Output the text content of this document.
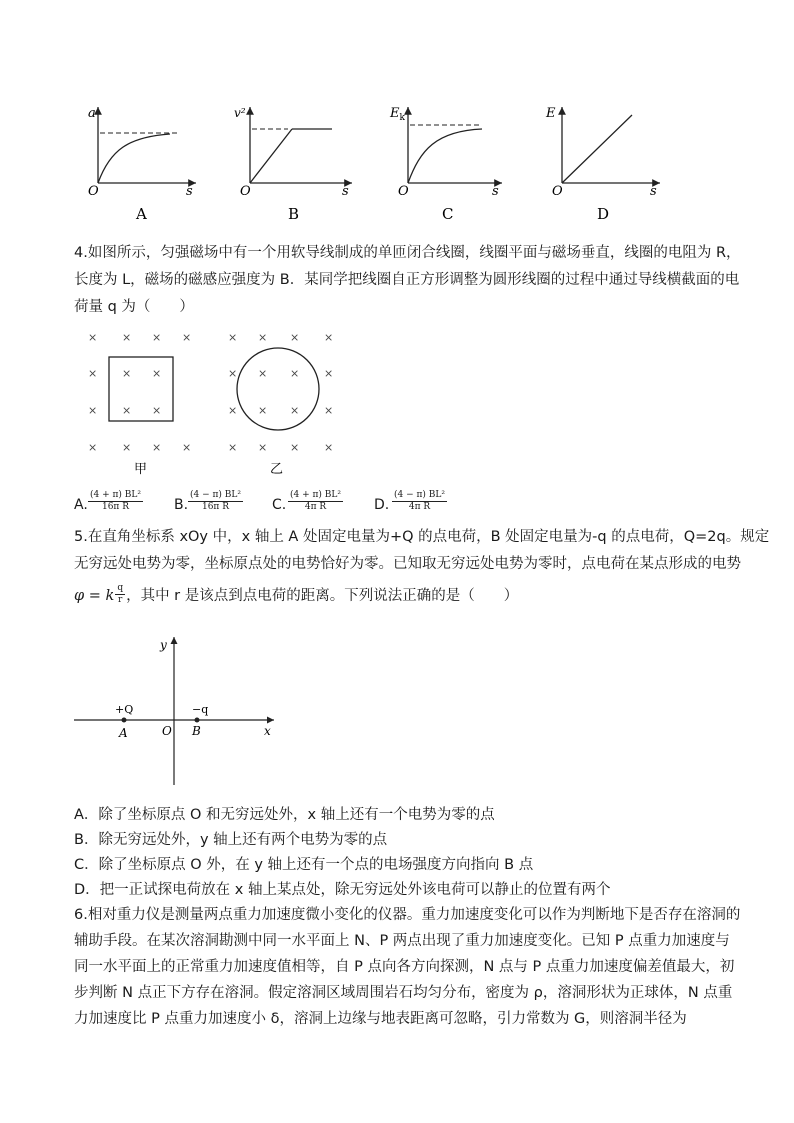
a
O	s
A
v²
O	s
B
$E_k$
O	s
C
E
O	s
D
4.如图所示，匀强磁场中有一个用软导线制成的单匝闭合线圈，线圈平面与磁场垂直，线圈的电阻为 R，
长度为 L，磁场的磁感应强度为 B．某同学把线圈自正方形调整为圆形线圈的过程中通过导线横截面的电
荷量 q 为（　　）
× × × ×	× × × ×
× × ×	× × × ×
× × ×	× × × ×
× × × ×	× × × ×
甲	乙
A. $\frac{\text{(4 + π) BL²}}{\text{16π R}} B$. $\frac{\text{(4 − π) BL²}}{\text{16π R}} C$. $\frac{\text{(4 + π) BL²}}{\text{4π R}} D$. $\frac{\text{(4 − π) BL²}}{\text{4π R}}$
5.在直角坐标系 xOy 中，x 轴上 A 处固定电量为+Q 的点电荷，B 处固定电量为-q 的点电荷，Q=2q。规定
无穷远处电势为零，坐标原点处的电势恰好为零。已知取无穷远处电势为零时，点电荷在某点形成的电势
φ = k $\frac{q}{r}$ ，其中 r 是该点到点电荷的距离。下列说法正确的是（　　）
y
x
O
+Q	−q
A	B
A．除了坐标原点 O 和无穷远处外，x 轴上还有一个电势为零的点
B．除无穷远处外，y 轴上还有两个电势为零的点
C．除了坐标原点 O 外，在 y 轴上还有一个点的电场强度方向指向 B 点
D．把一正试探电荷放在 x 轴上某点处，除无穷远处外该电荷可以静止的位置有两个
6.相对重力仪是测量两点重力加速度微小变化的仪器。重力加速度变化可以作为判断地下是否存在溶洞的
辅助手段。在某次溶洞勘测中同一水平面上 N、P 两点出现了重力加速度变化。已知 P 点重力加速度与
同一水平面上的正常重力加速度值相等，自 P 点向各方向探测，N 点与 P 点重力加速度偏差值最大，初
步判断 N 点正下方存在溶洞。假定溶洞区域周围岩石均匀分布，密度为 ρ，溶洞形状为正球体，N 点重
力加速度比 P 点重力加速度小 δ，溶洞上边缘与地表距离可忽略，引力常数为 G，则溶洞半径为
